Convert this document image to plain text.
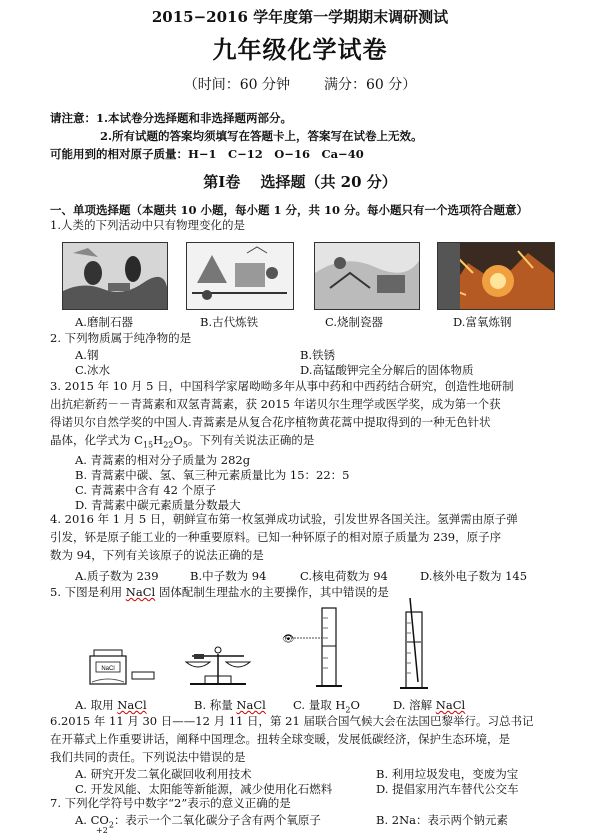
2015−2016 学年度第一学期期末调研测试
九年级化学试卷
（时间：60 分钟 满分：60 分）
请注意：1.本试卷分选择题和非选择题两部分。
2.所有试题的答案均须填写在答题卡上，答案写在试卷上无效。
可能用到的相对原子质量：H−1　C−12　O−16　Ca−40
第Ⅰ卷　 选择题（共 20 分）
一、单项选择题（本题共 10 小题，每小题 1 分，共 10 分。每小题只有一个选项符合题意）
1.人类的下列活动中只有物理变化的是
A.磨制石器	B.古代炼铁	C.烧制瓷器	D.富氧炼钢
2. 下列物质属于纯净物的是
A.钢	B.铁锈
C.冰水	D.高锰酸钾完全分解后的固体物质
3. 2015 年 10 月 5 日，中国科学家屠呦呦多年从事中药和中西药结合研究，创造性地研制
出抗疟新药－－青蒿素和双氢青蒿素，获 2015 年诺贝尔生理学或医学奖，成为第一个获
得诺贝尔自然学奖的中国人.青蒿素是从复合花序植物黄花蒿中提取得到的一种无色针状
晶体，化学式为 $C_{15}H_{22}O_5$。下列有关说法正确的是
A. 青蒿素的相对分子质量为 282g
B. 青蒿素中碳、氢、氧三种元素质量比为 15：22：5
C. 青蒿素中含有 42 个原子
D. 青蒿素中碳元素质量分数最大
4. 2016 年 1 月 5 日，朝鲜宣布第一枚氢弹成功试验，引发世界各国关注。氢弹需由原子弹
引发，钚是原子能工业的一种重要原料。已知一种钚原子的相对原子质量为 239，原子序
数为 94，下列有关该原子的说法正确的是
A.质子数为 239	B.中子数为 94	C.核电荷数为 94	D.核外电子数为 145
5. 下图是利用 NaCl 固体配制生理盐水的主要操作，其中错误的是
NaCl
👁
A. 取用 NaCl	B. 称量 NaCl C. 量取 $H_2O$	D. 溶解 NaCl
6.2015 年 11 月 30 日——12 月 11 日，第 21 届联合国气候大会在法国巴黎举行。习总书记
在开幕式上作重要讲话，阐释中国理念。扭转全球变暖，发展低碳经济，保护生态环境，是
我们共同的责任。下列说法中错误的是
A. 研究开发二氧化碳回收利用技术	B. 利用垃圾发电，变废为宝
C. 开发风能、太阳能等新能源，减少使用化石燃料	D. 提倡家用汽车替代公交车
7. 下列化学符号中数字“2”表示的意义正确的是
A. $CO_2$：表示一个二氧化碳分子含有两个氧原子	B. 2Na：表示两个钠元素
+2
